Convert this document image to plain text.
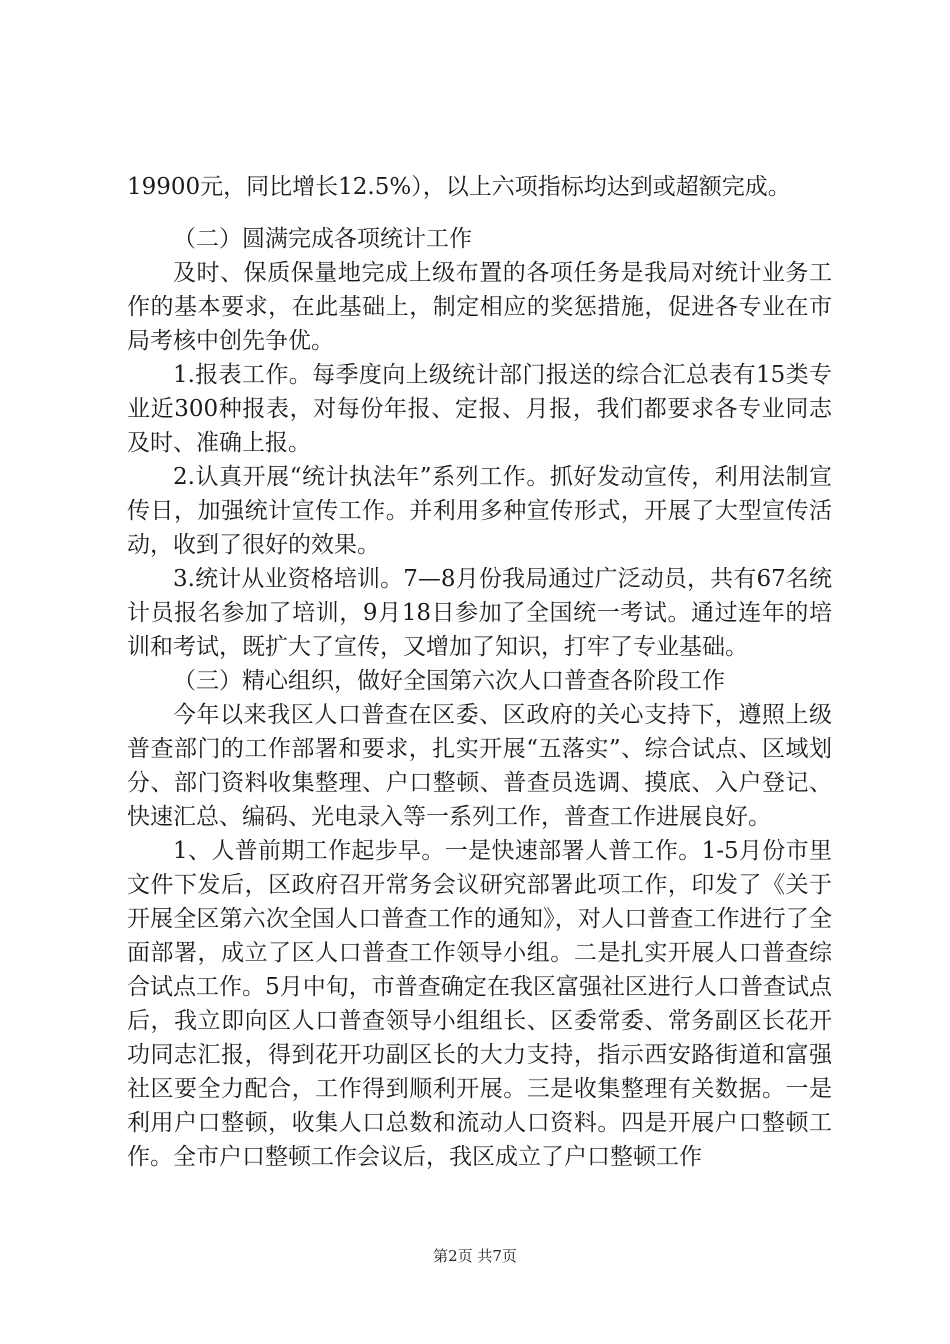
19900元，同比增长12.5%），以上六项指标均达到或超额完成。

（二）圆满完成各项统计工作

及时、保质保量地完成上级布置的各项任务是我局对统计业务工作的基本要求，在此基础上，制定相应的奖惩措施，促进各专业在市局考核中创先争优。

1.报表工作。每季度向上级统计部门报送的综合汇总表有15类专业近300种报表，对每份年报、定报、月报，我们都要求各专业同志及时、准确上报。

2.认真开展“统计执法年”系列工作。抓好发动宣传，利用法制宣传日，加强统计宣传工作。并利用多种宣传形式，开展了大型宣传活动，收到了很好的效果。

3.统计从业资格培训。7—8月份我局通过广泛动员，共有67名统计员报名参加了培训，9月18日参加了全国统一考试。通过连年的培训和考试，既扩大了宣传，又增加了知识，打牢了专业基础。

（三）精心组织，做好全国第六次人口普查各阶段工作

今年以来我区人口普查在区委、区政府的关心支持下，遵照上级普查部门的工作部署和要求，扎实开展“五落实”、综合试点、区域划分、部门资料收集整理、户口整顿、普查员选调、摸底、入户登记、快速汇总、编码、光电录入等一系列工作，普查工作进展良好。

1、人普前期工作起步早。一是快速部署人普工作。1-5月份市里文件下发后，区政府召开常务会议研究部署此项工作，印发了《关于开展全区第六次全国人口普查工作的通知》，对人口普查工作进行了全面部署，成立了区人口普查工作领导小组。二是扎实开展人口普查综合试点工作。5月中旬，市普查确定在我区富强社区进行人口普查试点后，我立即向区人口普查领导小组组长、区委常委、常务副区长花开功同志汇报，得到花开功副区长的大力支持，指示西安路街道和富强社区要全力配合，工作得到顺利开展。三是收集整理有关数据。一是利用户口整顿，收集人口总数和流动人口资料。四是开展户口整顿工作。全市户口整顿工作会议后，我区成立了户口整顿工作

第2页 共7页
